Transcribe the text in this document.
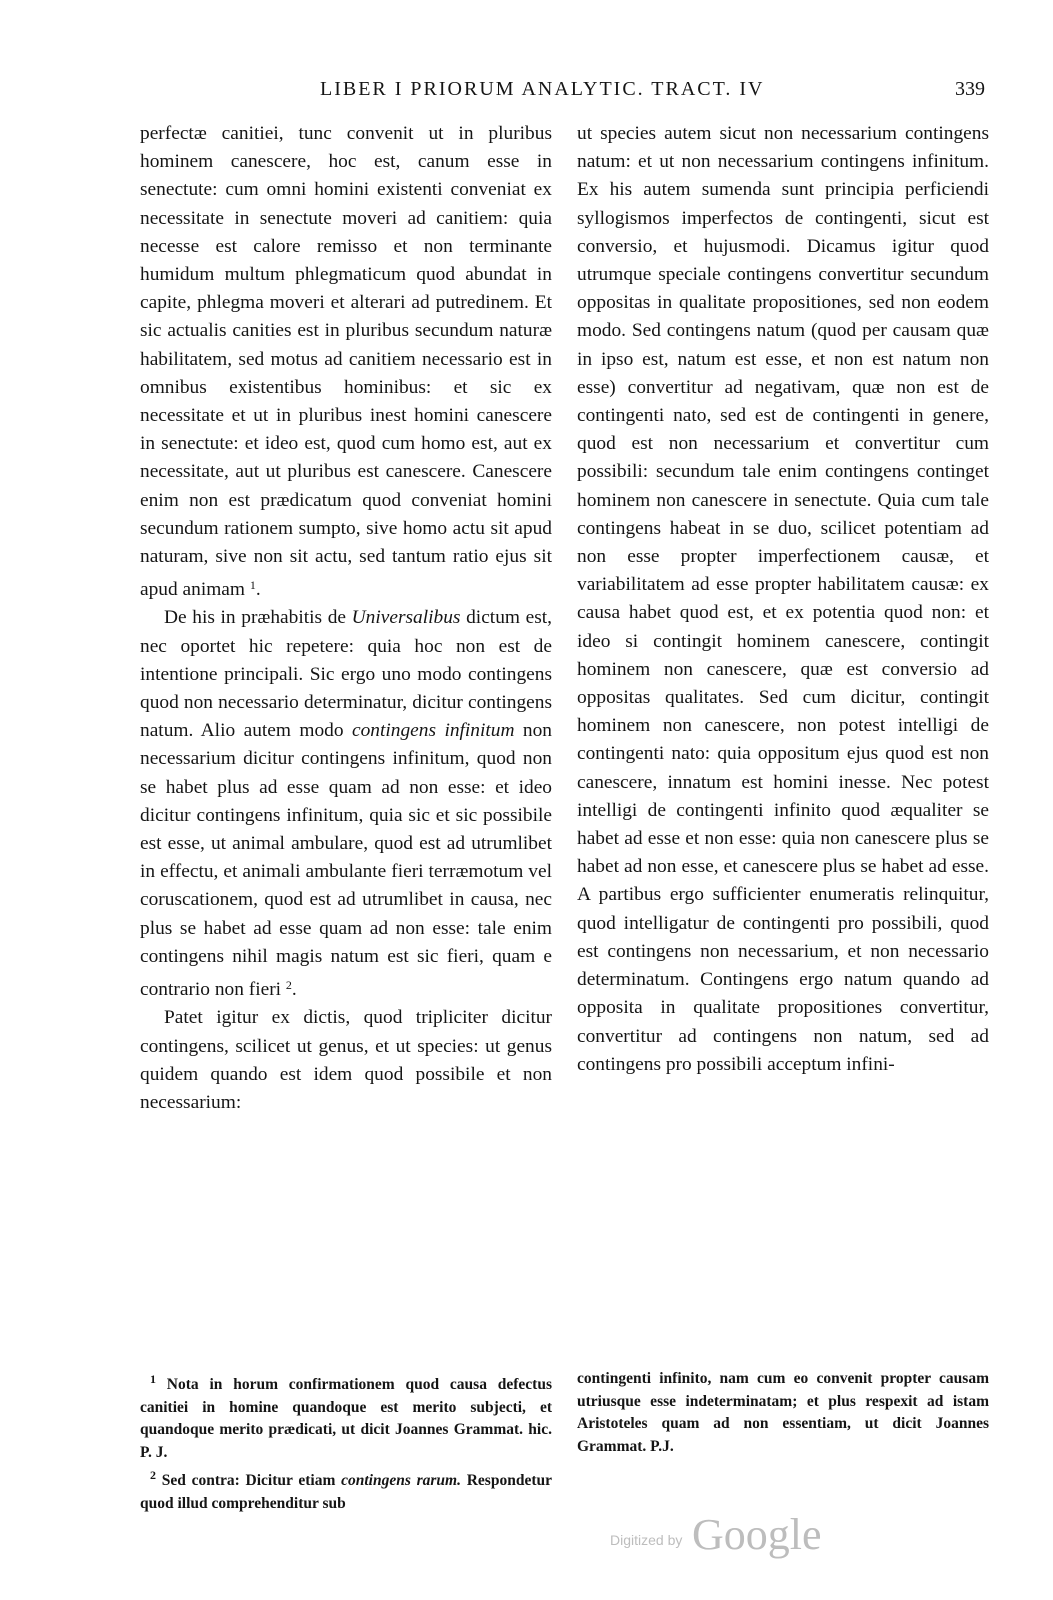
LIBER I PRIORUM ANALYTIC. TRACT. IV	339

perfectæ canitiei, tunc convenit ut in pluribus hominem canescere, hoc est, canum esse in senectute: cum omni homini existenti conveniat ex necessitate in senectute moveri ad canitiem: quia necesse est calore remisso et non terminante humidum multum phlegmaticum quod abundat in capite, phlegma moveri et alterari ad putredinem. Et sic actualis canities est in pluribus secundum naturæ habilitatem, sed motus ad canitiem necessario est in omnibus existentibus hominibus: et sic ex necessitate et ut in pluribus inest homini canescere in senectute: et ideo est, quod cum homo est, aut ex necessitate, aut ut pluribus est canescere. Canescere enim non est prædicatum quod conveniat homini secundum rationem sumpto, sive homo actu sit apud naturam, sive non sit actu, sed tantum ratio ejus sit apud animam $^1$.

De his in præhabitis de Universalibus dictum est, nec oportet hic repetere: quia hoc non est de intentione principali. Sic ergo uno modo contingens quod non necessario determinatur, dicitur contingens natum. Alio autem modo contingens infinitum non necessarium dicitur contingens infinitum, quod non se habet plus ad esse quam ad non esse: et ideo dicitur contingens infinitum, quia sic et sic possibile est esse, ut animal ambulare, quod est ad utrumlibet in effectu, et animali ambulante fieri terræmotum vel coruscationem, quod est ad utrumlibet in causa, nec plus se habet ad esse quam ad non esse: tale enim contingens nihil magis natum est sic fieri, quam e contrario non fieri $^2$.

Patet igitur ex dictis, quod tripliciter dicitur contingens, scilicet ut genus, et ut species: ut genus quidem quando est idem quod possibile et non necessarium:

ut species autem sicut non necessarium contingens natum: et ut non necessarium contingens infinitum. Ex his autem sumenda sunt principia perficiendi syllogismos imperfectos de contingenti, sicut est conversio, et hujusmodi. Dicamus igitur quod utrumque speciale contingens convertitur secundum oppositas in qualitate propositiones, sed non eodem modo. Sed contingens natum (quod per causam quæ in ipso est, natum est esse, et non est natum non esse) convertitur ad negativam, quæ non est de contingenti nato, sed est de contingenti in genere, quod est non necessarium et convertitur cum possibili: secundum tale enim contingens continget hominem non canescere in senectute. Quia cum tale contingens habeat in se duo, scilicet potentiam ad non esse propter imperfectionem causæ, et variabilitatem ad esse propter habilitatem causæ: ex causa habet quod est, et ex potentia quod non: et ideo si contingit hominem canescere, contingit hominem non canescere, quæ est conversio ad oppositas qualitates. Sed cum dicitur, contingit hominem non canescere, non potest intelligi de contingenti nato: quia oppositum ejus quod est non canescere, innatum est homini inesse. Nec potest intelligi de contingenti infinito quod æqualiter se habet ad esse et non esse: quia non canescere plus se habet ad non esse, et canescere plus se habet ad esse. A partibus ergo sufficienter enumeratis relinquitur, quod intelligatur de contingenti pro possibili, quod est contingens non necessarium, et non necessario determinatum. Contingens ergo natum quando ad opposita in qualitate propositiones convertitur, convertitur ad contingens non natum, sed ad contingens pro possibili acceptum infini-

$^1$ Nota in horum confirmationem quod causa defectus canitiei in homine quandoque est merito subjecti, et quandoque merito prædicati, ut dicit Joannes Grammat. hic. P. J.

$^2$ Sed contra: Dicitur etiam contingens rarum. Respondetur quod illud comprehenditur sub

contingenti infinito, nam cum eo convenit propter causam utriusque esse indeterminatam; et plus respexit ad istam Aristoteles quam ad non essentiam, ut dicit Joannes Grammat. P.J.

Digitized by Google
